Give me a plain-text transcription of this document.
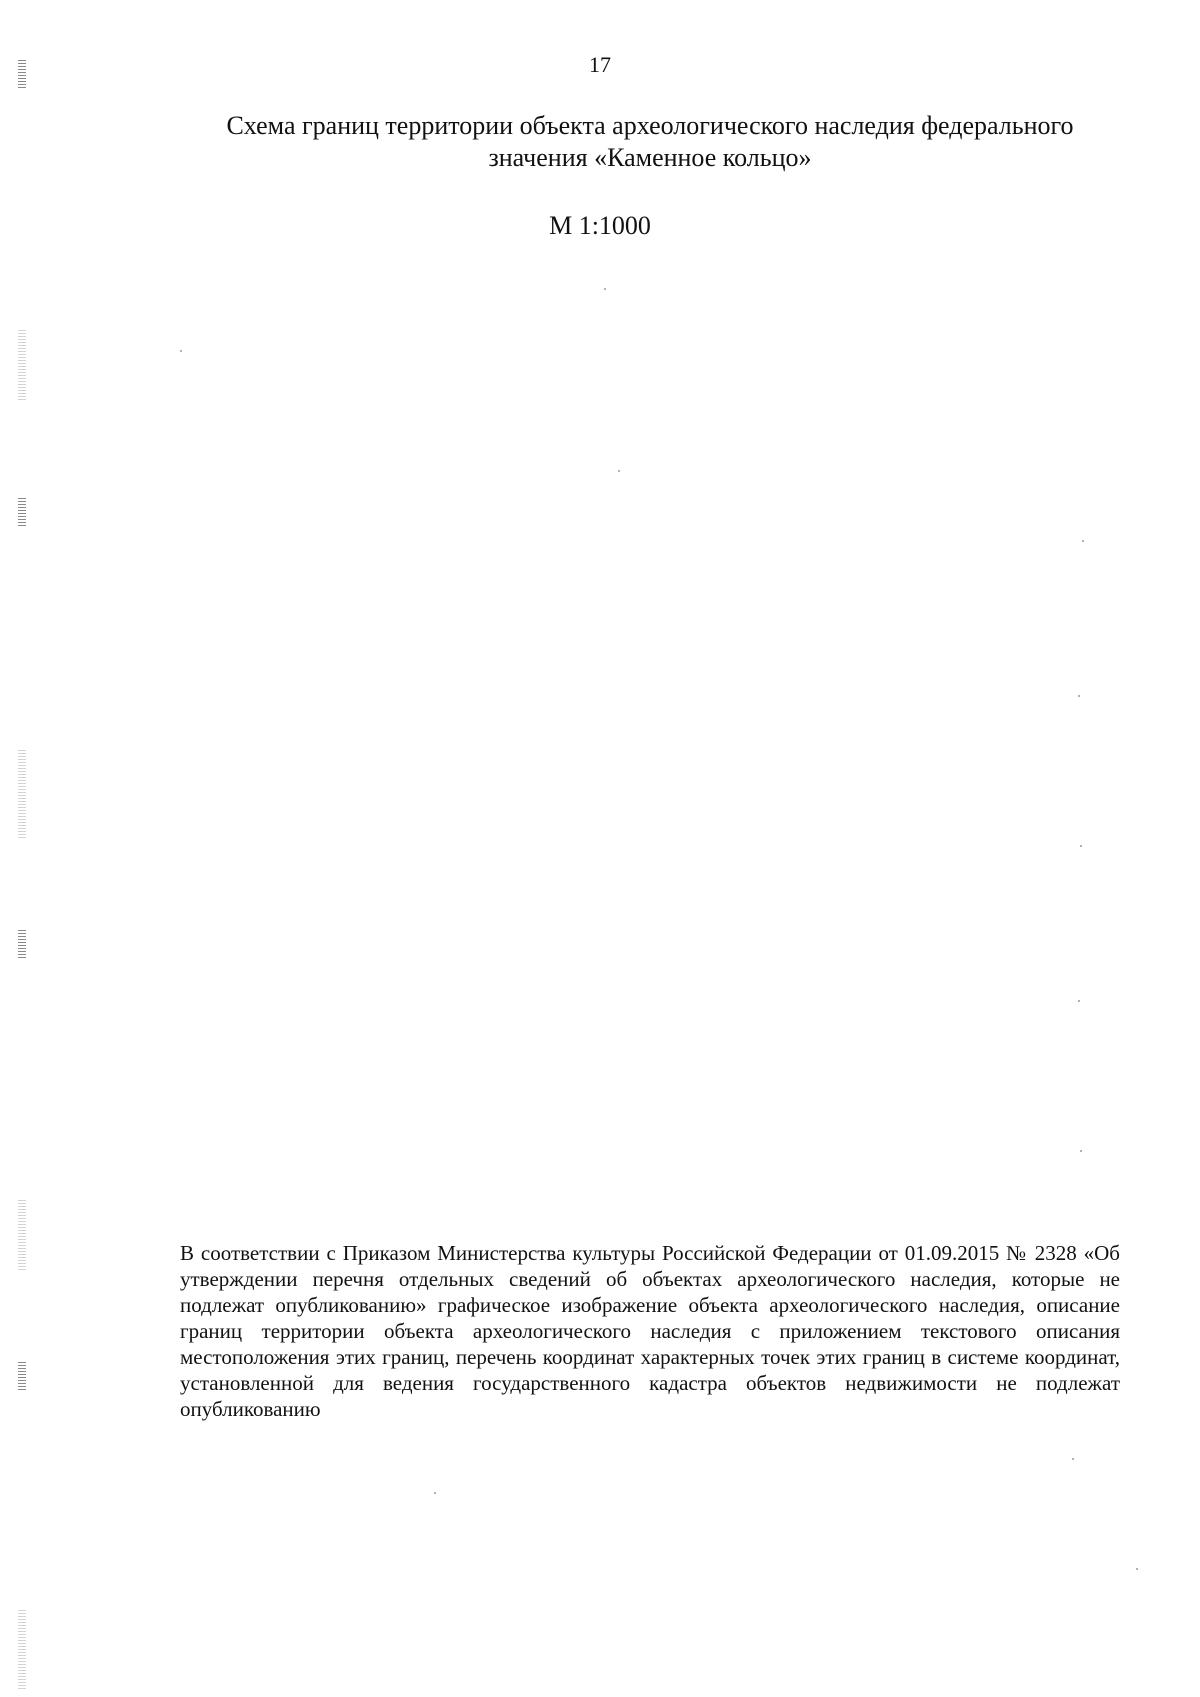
17
Схема границ территории объекта археологического наследия федерального значения «Каменное кольцо»
М 1:1000
В соответствии с Приказом Министерства культуры Российской Федерации от 01.09.2015 № 2328 «Об утверждении перечня отдельных сведений об объектах археологического наследия, которые не подлежат опубликованию» графическое изображение объекта археологического наследия, описание границ территории объекта археологического наследия с приложением текстового описания местоположения этих границ, перечень координат характерных точек этих границ в системе координат, установленной для ведения государственного кадастра объектов недвижимости не подлежат опубликованию
